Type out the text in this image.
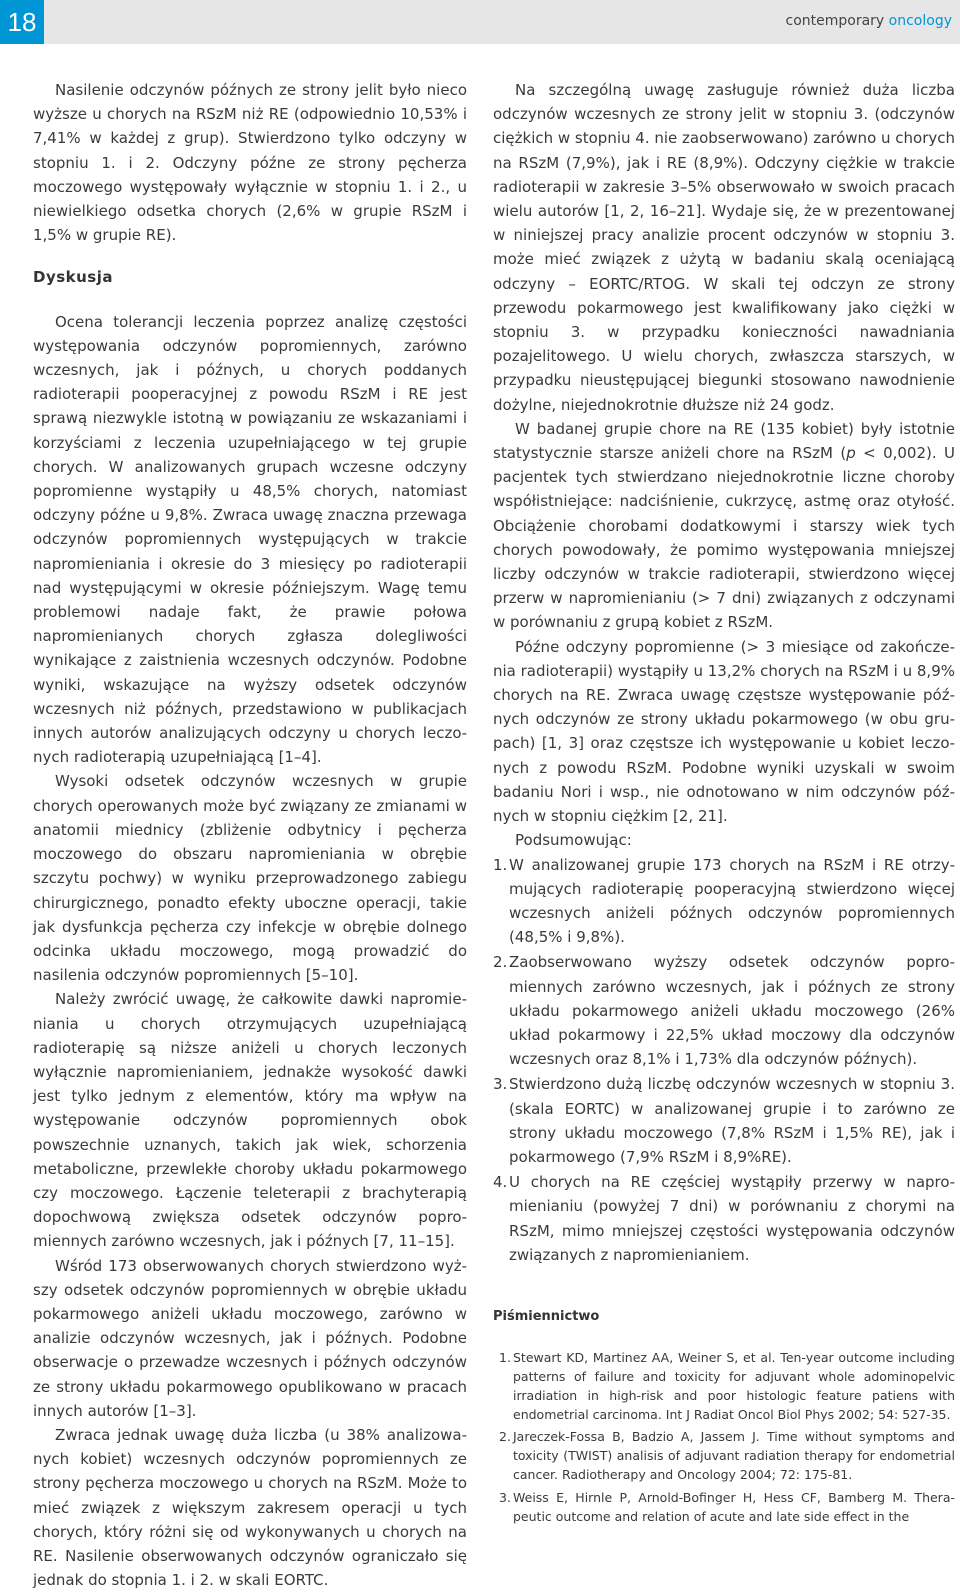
18	contemporary oncology

Nasilenie odczynów późnych ze strony jelit było nieco wyższe u chorych na RSzM niż RE (odpowiednio 10,53% i 7,41% w każdej z grup). Stwierdzono tylko odczyny w stopniu 1. i 2. Odczyny późne ze strony pęcherza moczowego występowały wyłącznie w stopniu 1. i 2., u niewielkiego odsetka chorych (2,6% w grupie RSzM i 1,5% w grupie RE).

Dyskusja

Ocena tolerancji leczenia poprzez analizę częstości występowania odczynów popromiennych, zarówno wczesnych, jak i późnych, u chorych poddanych radioterapii pooperacyjnej z powodu RSzM i RE jest sprawą niezwykle istotną w powiązaniu ze wskazaniami i korzyściami z leczenia uzupełniającego w tej grupie chorych. W analizowanych grupach wczesne odczyny popromienne wystąpiły u 48,5% chorych, natomiast odczyny późne u 9,8%. Zwraca uwagę znaczna przewaga odczynów popromiennych występujących w trakcie napromieniania i okresie do 3 miesięcy po radioterapii nad występującymi w okresie późniejszym. Wagę temu problemowi nadaje fakt, że prawie połowa napromienianych chorych zgłasza dolegliwości wynikające z zaistnienia wczesnych odczynów. Podobne wyniki, wskazujące na wyższy odsetek odczynów wczesnych niż późnych, przedstawiono w publikacjach innych autorów analizujących odczyny u chorych leczonych radioterapią uzupełniającą [1–4].

Wysoki odsetek odczynów wczesnych w grupie chorych operowanych może być związany ze zmianami w anatomii miednicy (zbliżenie odbytnicy i pęcherza moczowego do obszaru napromieniania w obrębie szczytu pochwy) w wyniku przeprowadzonego zabiegu chirurgicznego, ponadto efekty uboczne operacji, takie jak dysfunkcja pęcherza czy infekcje w obrębie dolnego odcinka układu moczowego, mogą prowadzić do nasilenia odczynów popromiennych [5–10].

Należy zwrócić uwagę, że całkowite dawki napromieniania u chorych otrzymujących uzupełniającą radioterapię są niższe aniżeli u chorych leczonych wyłącznie napromienianiem, jednakże wysokość dawki jest tylko jednym z elementów, który ma wpływ na występowanie odczynów popromiennych obok powszechnie uznanych, takich jak wiek, schorzenia metaboliczne, przewlekłe choroby układu pokarmowego czy moczowego. Łączenie teleterapii z brachyterapią dopochwową zwiększa odsetek odczynów popromiennych zarówno wczesnych, jak i późnych [7, 11–15].

Wśród 173 obserwowanych chorych stwierdzono wyższy odsetek odczynów popromiennych w obrębie układu pokarmowego aniżeli układu moczowego, zarówno w analizie odczynów wczesnych, jak i późnych. Podobne obserwacje o przewadze wczesnych i późnych odczynów ze strony układu pokarmowego opublikowano w pracach innych autorów [1–3].

Zwraca jednak uwagę duża liczba (u 38% analizowanych kobiet) wczesnych odczynów popromiennych ze strony pęcherza moczowego u chorych na RSzM. Może to mieć związek z większym zakresem operacji u tych chorych, który różni się od wykonywanych u chorych na RE. Nasilenie obserwowanych odczynów ograniczało się jednak do stopnia 1. i 2. w skali EORTC.

Na szczególną uwagę zasługuje również duża liczba odczynów wczesnych ze strony jelit w stopniu 3. (odczynów ciężkich w stopniu 4. nie zaobserwowano) zarówno u chorych na RSzM (7,9%), jak i RE (8,9%). Odczyny ciężkie w trakcie radioterapii w zakresie 3–5% obserwowało w swoich pracach wielu autorów [1, 2, 16–21]. Wydaje się, że w prezentowanej w niniejszej pracy analizie procent odczynów w stopniu 3. może mieć związek z użytą w badaniu skalą oceniającą odczyny – EORTC/RTOG. W skali tej odczyn ze strony przewodu pokarmowego jest kwalifikowany jako ciężki w stopniu 3. w przypadku konieczności nawadniania pozajelitowego. U wielu chorych, zwłaszcza starszych, w przypadku nieustępującej biegunki stosowano nawodnienie dożylne, niejednokrotnie dłuższe niż 24 godz.

W badanej grupie chore na RE (135 kobiet) były istotnie statystycznie starsze aniżeli chore na RSzM (p < 0,002). U pacjentek tych stwierdzano niejednokrotnie liczne choroby współistniejące: nadciśnienie, cukrzycę, astmę oraz otyłość. Obciążenie chorobami dodatkowymi i starszy wiek tych chorych powodowały, że pomimo występowania mniejszej liczby odczynów w trakcie radioterapii, stwierdzono więcej przerw w napromienianiu (> 7 dni) związanych z odczynami w porównaniu z grupą kobiet z RSzM.

Późne odczyny popromienne (> 3 miesiące od zakończenia radioterapii) wystąpiły u 13,2% chorych na RSzM i u 8,9% chorych na RE. Zwraca uwagę częstsze występowanie późnych odczynów ze strony układu pokarmowego (w obu grupach) [1, 3] oraz częstsze ich występowanie u kobiet leczonych z powodu RSzM. Podobne wyniki uzyskali w swoim badaniu Nori i wsp., nie odnotowano w nim odczynów późnych w stopniu ciężkim [2, 21].

Podsumowując:

1. W analizowanej grupie 173 chorych na RSzM i RE otrzymujących radioterapię pooperacyjną stwierdzono więcej wczesnych aniżeli późnych odczynów popromiennych (48,5% i 9,8%).
2. Zaobserwowano wyższy odsetek odczynów popromiennych zarówno wczesnych, jak i późnych ze strony układu pokarmowego aniżeli układu moczowego (26% układ pokarmowy i 22,5% układ moczowy dla odczynów wczesnych oraz 8,1% i 1,73% dla odczynów późnych).
3. Stwierdzono dużą liczbę odczynów wczesnych w stopniu 3. (skala EORTC) w analizowanej grupie i to zarówno ze strony układu moczowego (7,8% RSzM i 1,5% RE), jak i pokarmowego (7,9% RSzM i 8,9%RE).
4. U chorych na RE częściej wystąpiły przerwy w napromienianiu (powyżej 7 dni) w porównaniu z chorymi na RSzM, mimo mniejszej częstości występowania odczynów związanych z napromienianiem.
Piśmiennictwo
1. Stewart KD, Martinez AA, Weiner S, et al. Ten-year outcome including patterns of failure and toxicity for adjuvant whole adominopelvic irradiation in high-risk and poor histologic feature patiens with endometrial carcinoma. Int J Radiat Oncol Biol Phys 2002; 54: 527-35.
2. Jareczek-Fossa B, Badzio A, Jassem J. Time without symptoms and toxicity (TWIST) analisis of adjuvant radiation therapy for endometrial cancer. Radiotherapy and Oncology 2004; 72: 175-81.
3. Weiss E, Hirnle P, Arnold-Bofinger H, Hess CF, Bamberg M. Therapeutic outcome and relation of acute and late side effect in the
